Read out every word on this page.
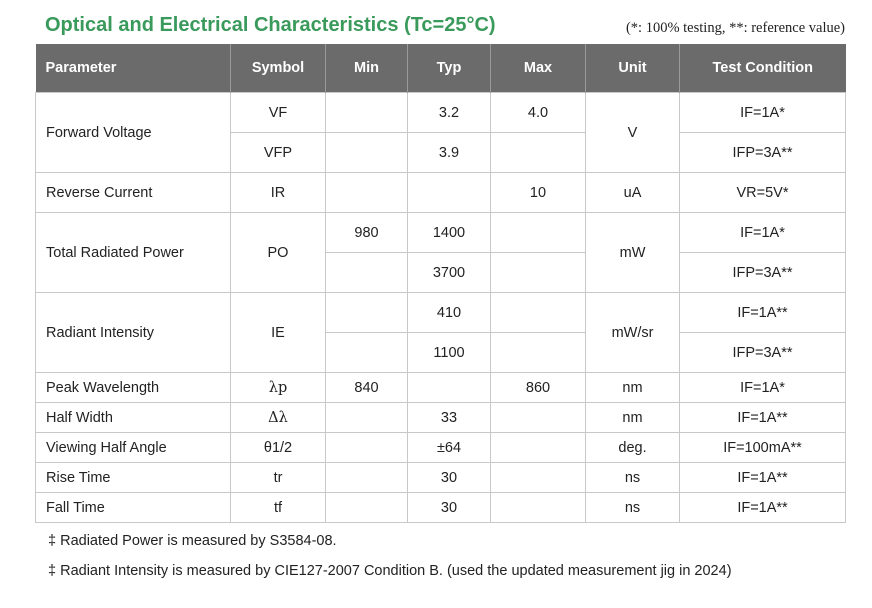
Optical and Electrical Characteristics (Tc=25°C)	(*: 100% testing, **: reference value)
Parameter	Symbol	Min	Typ	Max	Unit	Test Condition
Forward Voltage	VF		3.2	4.0	V	IF=1A*
	VFP		3.9			IFP=3A**
Reverse Current	IR			10	uA	VR=5V*
Total Radiated Power	PO	980	1400		mW	IF=1A*
			3700			IFP=3A**
Radiant Intensity	IE		410		mW/sr	IF=1A**
			1100			IFP=3A**
Peak Wavelength	λp	840		860	nm	IF=1A*
Half Width	Δλ		33		nm	IF=1A**
Viewing Half Angle	θ1/2		±64		deg.	IF=100mA**
Rise Time	tr		30		ns	IF=1A**
Fall Time	tf		30		ns	IF=1A**
‡ Radiated Power is measured by S3584-08.
‡ Radiant Intensity is measured by CIE127-2007 Condition B. (used the updated measurement jig in 2024)
